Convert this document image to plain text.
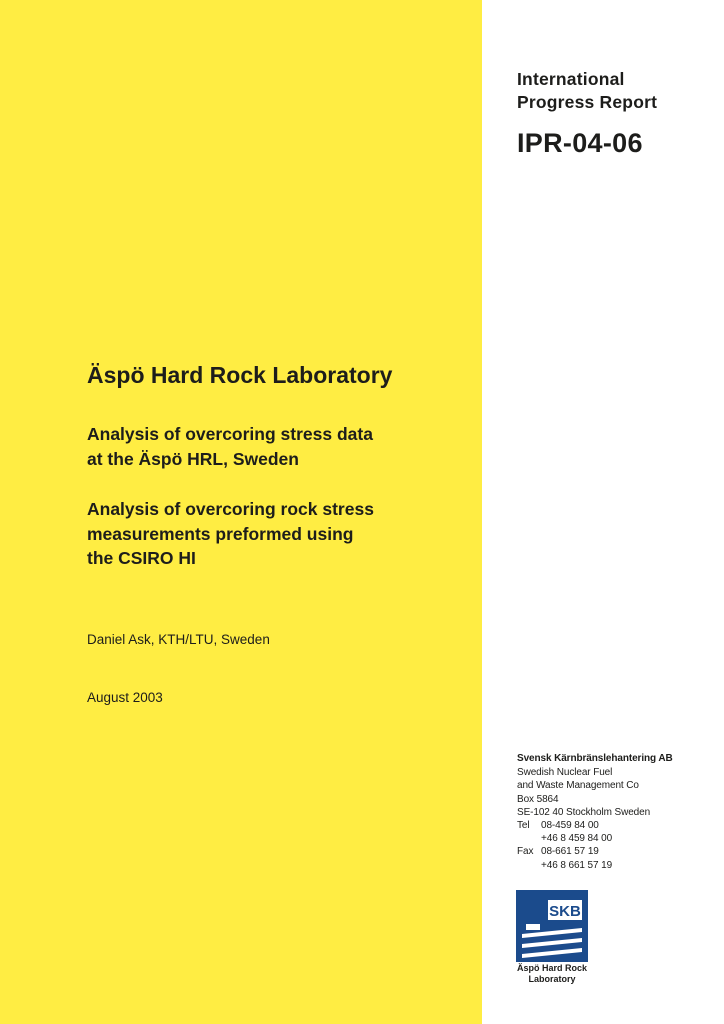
International
Progress Report
IPR-04-06
Äspö Hard Rock Laboratory
Analysis of overcoring stress data
at the Äspö HRL, Sweden
Analysis of overcoring rock stress
measurements preformed using
the CSIRO HI
Daniel Ask, KTH/LTU, Sweden
August 2003
Svensk Kärnbränslehantering AB
Swedish Nuclear Fuel
and Waste Management Co
Box 5864
SE-102 40 Stockholm Sweden
Tel 08-459 84 00
+46 8 459 84 00
Fax 08-661 57 19
+46 8 661 57 19
SKB
Äspö Hard Rock
Laboratory
